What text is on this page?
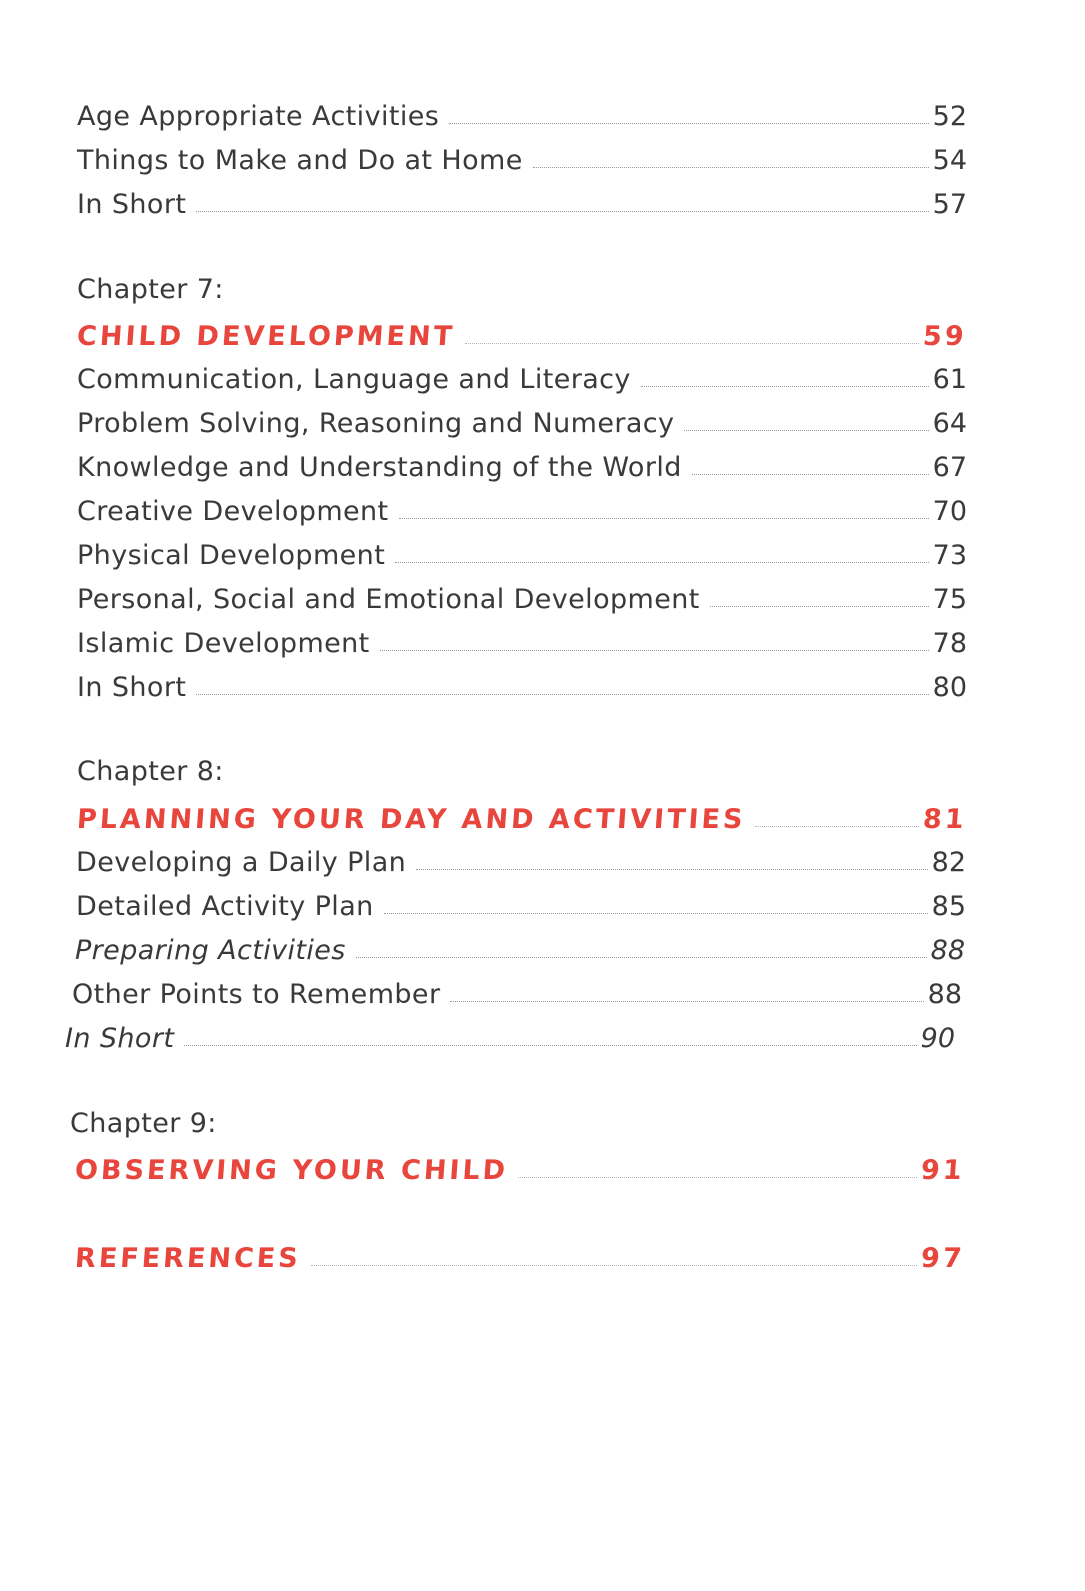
Age Appropriate Activities	52
Things to Make and Do at Home	54
In Short	57
Chapter 7:
CHILD DEVELOPMENT	59
Communication, Language and Literacy	61
Problem Solving, Reasoning and Numeracy	64
Knowledge and Understanding of the World	67
Creative Development	70
Physical Development	73
Personal, Social and Emotional Development	75
Islamic Development	78
In Short	80
Chapter 8:
PLANNING YOUR DAY AND ACTIVITIES	81
Developing a Daily Plan	82
Detailed Activity Plan	85
Preparing Activities	88
Other Points to Remember	88
In Short	90
Chapter 9:
OBSERVING YOUR CHILD	91
REFERENCES	97
